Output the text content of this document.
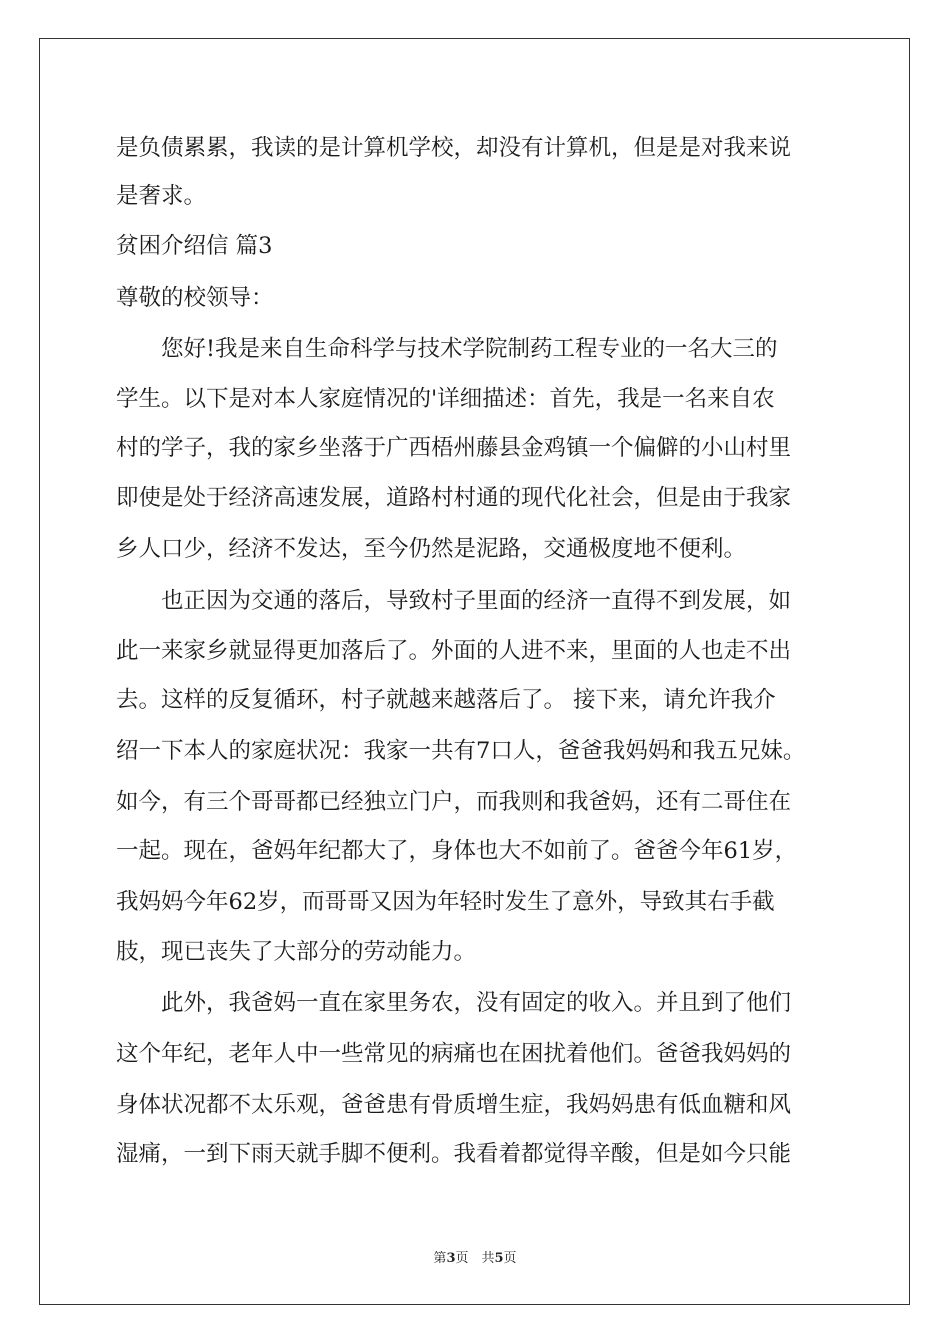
是负债累累，我读的是计算机学校，却没有计算机，但是是对我来说
是奢求。
贫困介绍信 篇3
尊敬的校领导：
　　您好!我是来自生命科学与技术学院制药工程专业的一名大三的
学生。以下是对本人家庭情况的'详细描述：首先，我是一名来自农
村的学子，我的家乡坐落于广西梧州藤县金鸡镇一个偏僻的小山村里
即使是处于经济高速发展，道路村村通的现代化社会，但是由于我家
乡人口少，经济不发达，至今仍然是泥路，交通极度地不便利。
　　也正因为交通的落后，导致村子里面的经济一直得不到发展，如
此一来家乡就显得更加落后了。外面的人进不来，里面的人也走不出
去。这样的反复循环，村子就越来越落后了。 接下来，请允许我介
绍一下本人的家庭状况：我家一共有7口人，爸爸我妈妈和我五兄妹。
如今，有三个哥哥都已经独立门户，而我则和我爸妈，还有二哥住在
一起。现在，爸妈年纪都大了，身体也大不如前了。爸爸今年61岁，
我妈妈今年62岁，而哥哥又因为年轻时发生了意外，导致其右手截
肢，现已丧失了大部分的劳动能力。
　　此外，我爸妈一直在家里务农，没有固定的收入。并且到了他们
这个年纪，老年人中一些常见的病痛也在困扰着他们。爸爸我妈妈的
身体状况都不太乐观，爸爸患有骨质增生症，我妈妈患有低血糖和风
湿痛，一到下雨天就手脚不便利。我看着都觉得辛酸，但是如今只能
第3页　共5页
